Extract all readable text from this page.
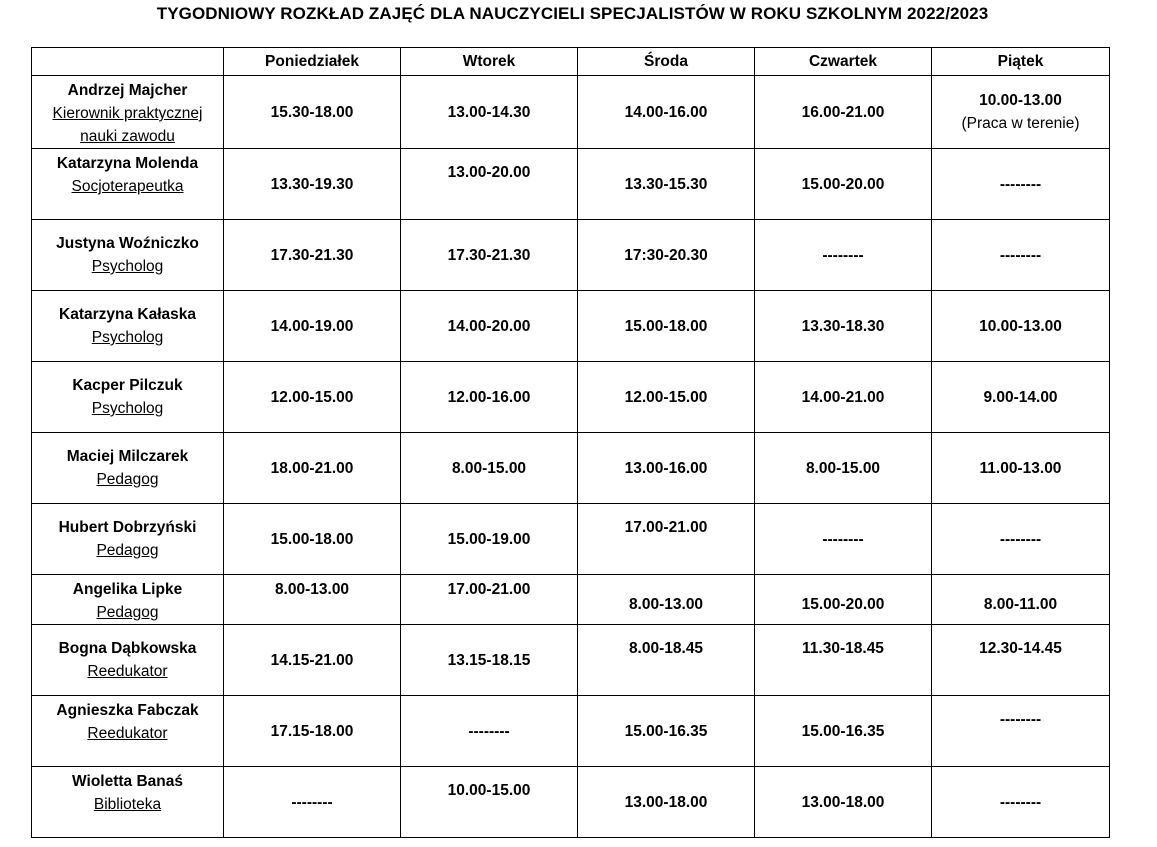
TYGODNIOWY ROZKŁAD ZAJĘĆ DLA NAUCZYCIELI SPECJALISTÓW W ROKU SZKOLNYM 2022/2023
	Poniedziałek	Wtorek	Środa	Czwartek	Piątek

Andrzej Majcher
Kierownik praktycznej nauki zawodu	15.30-18.00	13.00-14.30	14.00-16.00	16.00-21.00	10.00-13.00
(Praca w terenie)

Katarzyna Molenda
Socjoterapeutka	13.30-19.30	13.00-20.00	13.30-15.30	15.00-20.00	--------

Justyna Woźniczko
Psycholog	17.30-21.30	17.30-21.30	17:30-20.30	--------	--------

Katarzyna Kałaska
Psycholog	14.00-19.00	14.00-20.00	15.00-18.00	13.30-18.30	10.00-13.00

Kacper Pilczuk
Psycholog	12.00-15.00	12.00-16.00	12.00-15.00	14.00-21.00	9.00-14.00

Maciej Milczarek
Pedagog	18.00-21.00	8.00-15.00	13.00-16.00	8.00-15.00	11.00-13.00

Hubert Dobrzyński
Pedagog	15.00-18.00	15.00-19.00	17.00-21.00	--------	--------

Angelika Lipke
Pedagog	8.00-13.00	17.00-21.00	8.00-13.00	15.00-20.00	8.00-11.00

Bogna Dąbkowska
Reedukator	14.15-21.00	13.15-18.15	8.00-18.45	11.30-18.45	12.30-14.45

Agnieszka Fabczak
Reedukator	17.15-18.00	--------	15.00-16.35	15.00-16.35	--------

Wioletta Banaś
Biblioteka	--------	10.00-15.00	13.00-18.00	13.00-18.00	--------
